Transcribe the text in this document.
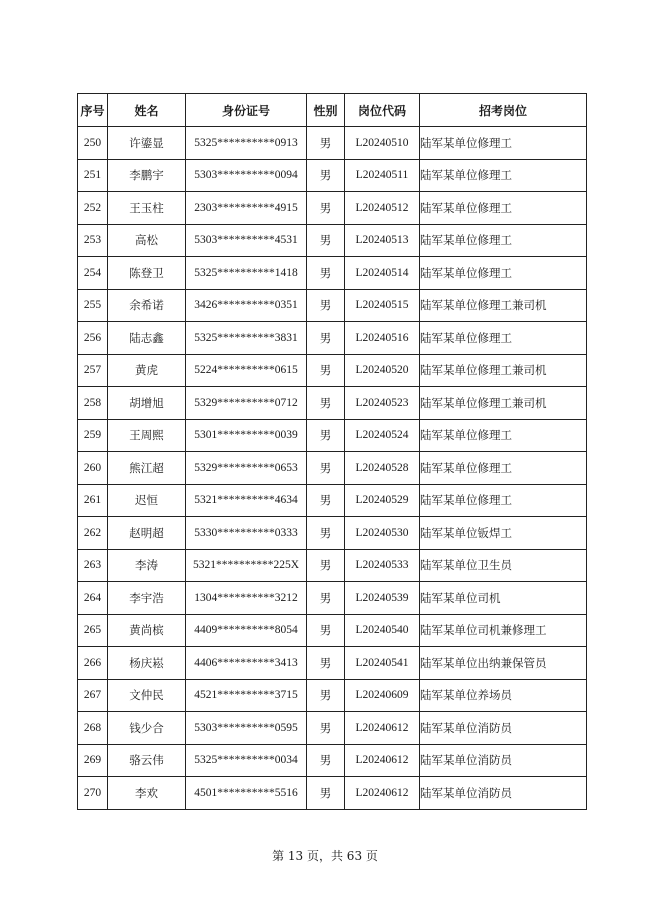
序号	姓名	身份证号	性别	岗位代码	招考岗位
250	许鎏显	5325**********0913	男	L20240510	陆军某单位修理工
251	李鹏宇	5303**********0094	男	L20240511	陆军某单位修理工
252	王玉柱	2303**********4915	男	L20240512	陆军某单位修理工
253	高松	5303**********4531	男	L20240513	陆军某单位修理工
254	陈登卫	5325**********1418	男	L20240514	陆军某单位修理工
255	余希诺	3426**********0351	男	L20240515	陆军某单位修理工兼司机
256	陆志鑫	5325**********3831	男	L20240516	陆军某单位修理工
257	黄虎	5224**********0615	男	L20240520	陆军某单位修理工兼司机
258	胡增旭	5329**********0712	男	L20240523	陆军某单位修理工兼司机
259	王周熙	5301**********0039	男	L20240524	陆军某单位修理工
260	熊江超	5329**********0653	男	L20240528	陆军某单位修理工
261	迟恒	5321**********4634	男	L20240529	陆军某单位修理工
262	赵明超	5330**********0333	男	L20240530	陆军某单位钣焊工
263	李涛	5321**********225X	男	L20240533	陆军某单位卫生员
264	李宇浩	1304**********3212	男	L20240539	陆军某单位司机
265	黄尚槟	4409**********8054	男	L20240540	陆军某单位司机兼修理工
266	杨庆崧	4406**********3413	男	L20240541	陆军某单位出纳兼保管员
267	文仲民	4521**********3715	男	L20240609	陆军某单位养场员
268	钱少合	5303**********0595	男	L20240612	陆军某单位消防员
269	骆云伟	5325**********0034	男	L20240612	陆军某单位消防员
270	李欢	4501**********5516	男	L20240612	陆军某单位消防员
第 13 页，共 63 页
